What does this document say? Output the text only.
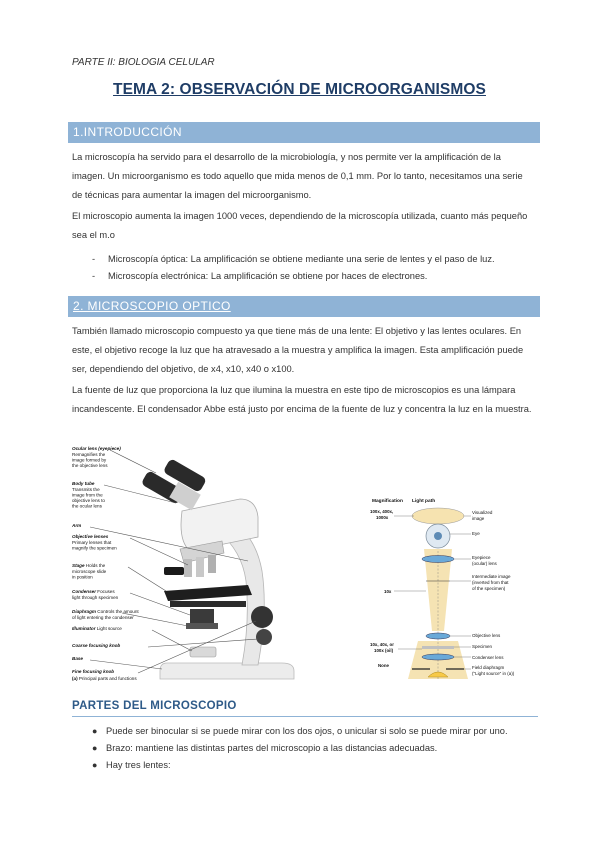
PARTE II: BIOLOGIA CELULAR
TEMA 2: OBSERVACIÓN DE MICROORGANISMOS
1.INTRODUCCIÓN
La microscopía ha servido para el desarrollo de la microbiología, y nos permite ver la amplificación de la
imagen. Un microorganismo es todo aquello que mida menos de 0,1 mm. Por lo tanto, necesitamos una serie
de técnicas para aumentar la imagen del microorganismo.
El microscopio aumenta la imagen 1000 veces, dependiendo de la microscopía utilizada, cuanto más pequeño
sea el m.o
- Microscopía óptica: La amplificación se obtiene mediante una serie de lentes y el paso de luz.
- Microscopía electrónica: La amplificación se obtiene por haces de electrones.
2. MICROSCOPIO OPTICO
También llamado microscopio compuesto ya que tiene más de una lente: El objetivo y las lentes oculares. En
este, el objetivo recoge la luz que ha atravesado a la muestra y amplifica la imagen. Esta amplificación puede
ser, dependiendo del objetivo, de x4, x10, x40 o x100.
La fuente de luz que proporciona la luz que ilumina la muestra en este tipo de microscopios es una lámpara
incandescente. El condensador Abbe está justo por encima de la fuente de luz y concentra la luz en la muestra.
Ocular lens (eyepiece)
Remagnifies the
image formed by
the objective lens
Body tube
Transmits the
image from the
objective lens to
the ocular lens
Arm
Objective lenses
Primary lenses that
magnify the specimen
Stage Holds the
microscope slide
in position
Condenser Focuses
light through specimen
Diaphragm Controls the amount
of light entering the condenser
Illuminator Light source
Coarse focusing knob
Base
Fine focusing knob
(a) Principal parts and functions
Magnification Light path
100x, 400x,
1000x
10x
10x, 40x, or
100x (oil)
None
Visualized
image
Eye
Eyepiece
(ocular) lens
Intermediate image
(inverted from that
of the specimen)
Objective lens
Specimen
Condenser lens
Field diaphragm
("Light source" in (a))
PARTES DEL MICROSCOPIO
● Puede ser binocular si se puede mirar con los dos ojos, o unicular si solo se puede mirar por uno.
● Brazo: mantiene las distintas partes del microscopio a las distancias adecuadas.
● Hay tres lentes:
